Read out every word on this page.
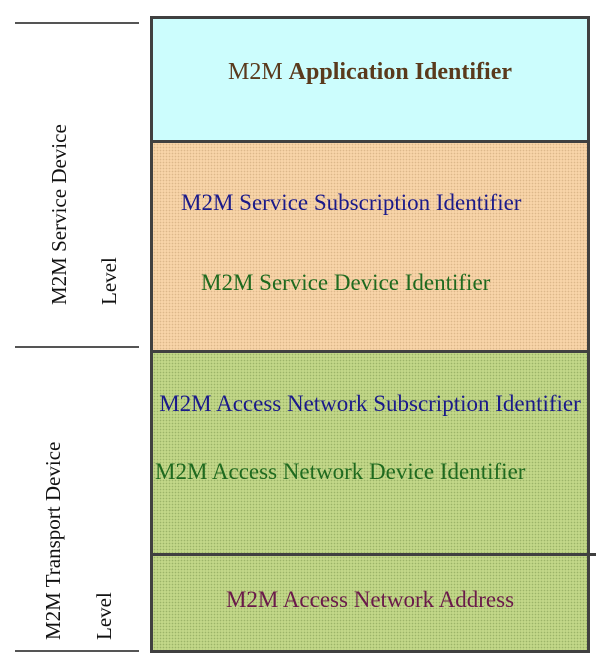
M2M Service Device Level
M2M Transport Device Level
M2M Application Identifier
M2M Service Subscription Identifier
M2M Service Device Identifier
M2M Access Network Subscription Identifier
M2M Access Network Device Identifier
M2M Access Network Address
